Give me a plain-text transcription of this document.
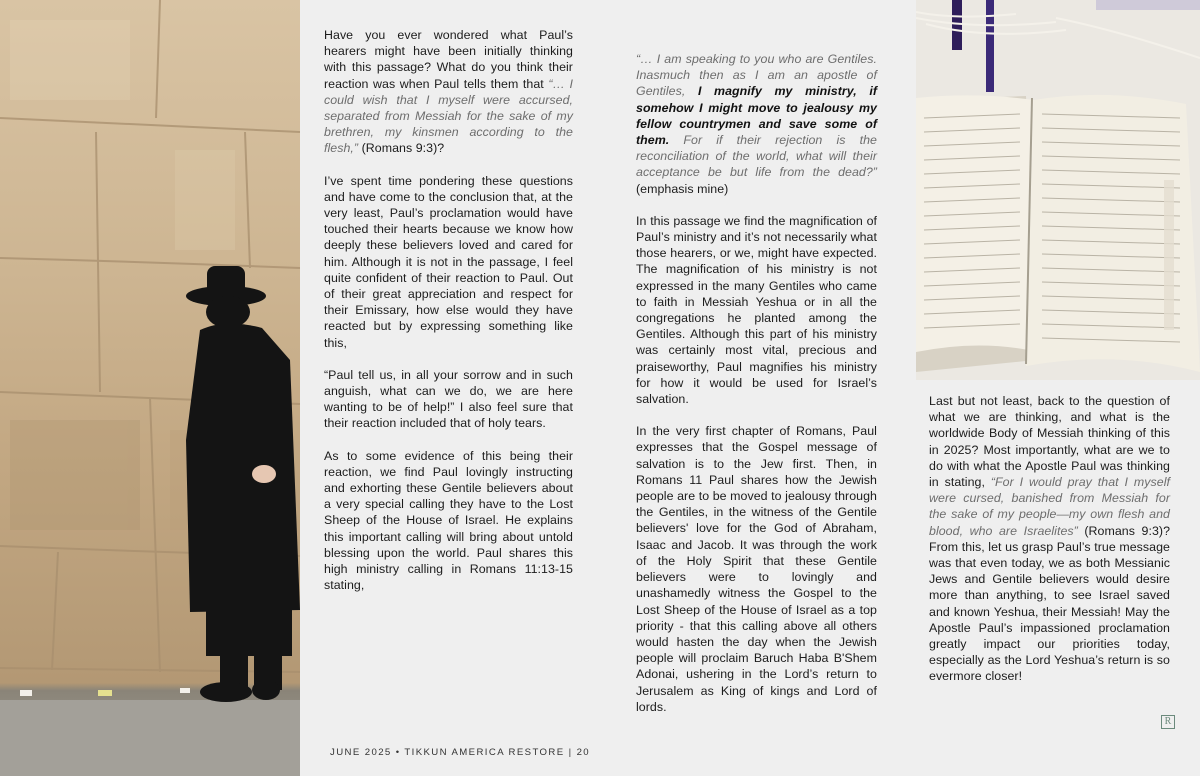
Have you ever wondered what Paul’s hearers might have been initially thinking with this passage? What do you think their reaction was when Paul tells them that “… I could wish that I myself were accursed, separated from Messiah for the sake of my brethren, my kinsmen according to the flesh,” (Romans 9:3)?

I’ve spent time pondering these questions and have come to the conclusion that, at the very least, Paul’s proclamation would have touched their hearts because we know how deeply these believers loved and cared for him. Although it is not in the passage, I feel quite confident of their reaction to Paul. Out of their great appreciation and respect for their Emissary, how else would they have reacted but by expressing something like this,

“Paul tell us, in all your sorrow and in such anguish, what can we do, we are here wanting to be of help!” I also feel sure that their reaction included that of holy tears.

As to some evidence of this being their reaction, we find Paul lovingly instructing and exhorting these Gentile believers about a very special calling they have to the Lost Sheep of the House of Israel. He explains this important calling will bring about untold blessing upon the world. Paul shares this high ministry calling in Romans 11:13-15 stating,

“… I am speaking to you who are Gentiles. Inasmuch then as I am an apostle of Gentiles, I magnify my ministry, if somehow I might move to jealousy my fellow countrymen and save some of them. For if their rejection is the reconciliation of the world, what will their acceptance be but life from the dead?” (emphasis mine)

In this passage we find the magnification of Paul’s ministry and it’s not necessarily what those hearers, or we, might have expected. The magnification of his ministry is not expressed in the many Gentiles who came to faith in Messiah Yeshua or in all the congregations he planted among the Gentiles. Although this part of his ministry was certainly most vital, precious and praiseworthy, Paul magnifies his ministry for how it would be used for Israel’s salvation.

In the very first chapter of Romans, Paul expresses that the Gospel message of salvation is to the Jew first. Then, in Romans 11 Paul shares how the Jewish people are to be moved to jealousy through the Gentiles, in the witness of the Gentile believers' love for the God of Abraham, Isaac and Jacob. It was through the work of the Holy Spirit that these Gentile believers were to lovingly and unashamedly witness the Gospel to the Lost Sheep of the House of Israel as a top priority - that this calling above all others would hasten the day when the Jewish people will proclaim Baruch Haba B'Shem Adonai, ushering in the Lord’s return to Jerusalem as King of kings and Lord of lords.

Last but not least, back to the question of what we are thinking, and what is the worldwide Body of Messiah thinking of this in 2025? Most importantly, what are we to do with what the Apostle Paul was thinking in stating, “For I would pray that I myself were cursed, banished from Messiah for the sake of my people—my own flesh and blood, who are Israelites” (Romans 9:3)? From this, let us grasp Paul’s true message was that even today, we as both Messianic Jews and Gentile believers would desire more than anything, to see Israel saved and known Yeshua, their Messiah! May the Apostle Paul’s impassioned proclamation greatly impact our priorities today, especially as the Lord Yeshua’s return is so evermore closer!

JUNE 2025 • TIKKUN AMERICA RESTORE | 20
R
